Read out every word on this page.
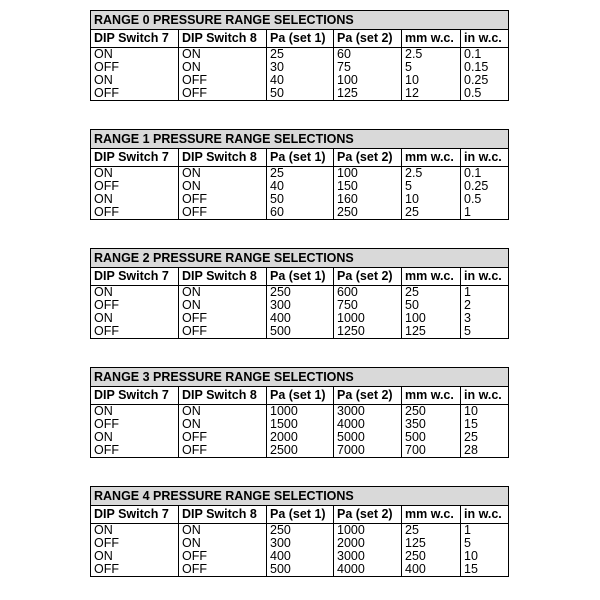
RANGE 0 PRESSURE RANGE SELECTIONS					
DIP Switch 7	DIP Switch 8	Pa (set 1)	Pa (set 2)	mm w.c.	in w.c.
ON	ON	25	60	2.5	0.1
OFF	ON	30	75	5	0.15
ON	OFF	40	100	10	0.25
OFF	OFF	50	125	12	0.5
RANGE 1 PRESSURE RANGE SELECTIONS					
DIP Switch 7	DIP Switch 8	Pa (set 1)	Pa (set 2)	mm w.c.	in w.c.
ON	ON	25	100	2.5	0.1
OFF	ON	40	150	5	0.25
ON	OFF	50	160	10	0.5
OFF	OFF	60	250	25	1
RANGE 2 PRESSURE RANGE SELECTIONS					
DIP Switch 7	DIP Switch 8	Pa (set 1)	Pa (set 2)	mm w.c.	in w.c.
ON	ON	250	600	25	1
OFF	ON	300	750	50	2
ON	OFF	400	1000	100	3
OFF	OFF	500	1250	125	5
RANGE 3 PRESSURE RANGE SELECTIONS					
DIP Switch 7	DIP Switch 8	Pa (set 1)	Pa (set 2)	mm w.c.	in w.c.
ON	ON	1000	3000	250	10
OFF	ON	1500	4000	350	15
ON	OFF	2000	5000	500	25
OFF	OFF	2500	7000	700	28
RANGE 4 PRESSURE RANGE SELECTIONS					
DIP Switch 7	DIP Switch 8	Pa (set 1)	Pa (set 2)	mm w.c.	in w.c.
ON	ON	250	1000	25	1
OFF	ON	300	2000	125	5
ON	OFF	400	3000	250	10
OFF	OFF	500	4000	400	15
